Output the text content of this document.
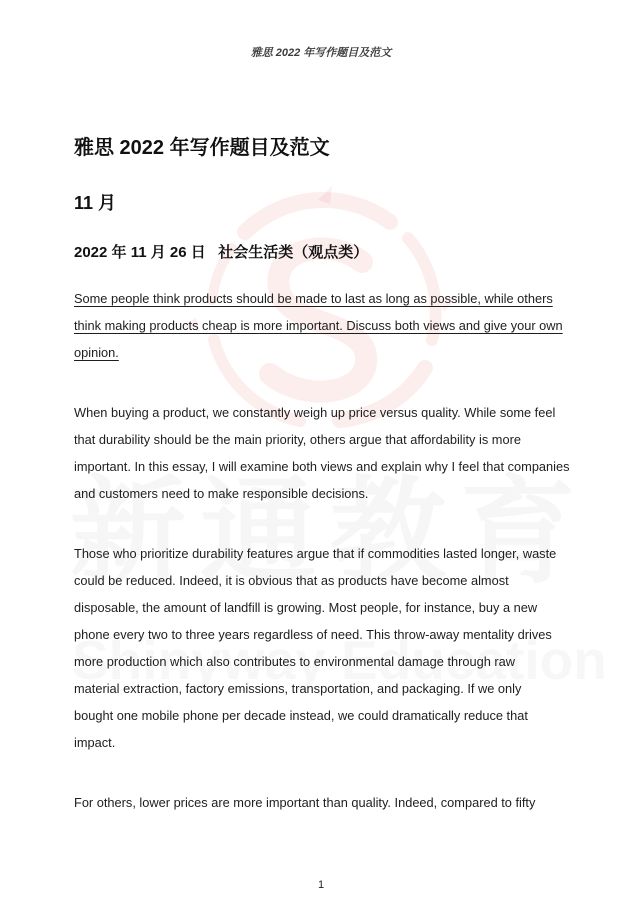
雅思 2022 年写作题目及范文
雅思 2022 年写作题目及范文
11 月
2022 年 11 月 26 日   社会生活类（观点类）
Some people think products should be made to last as long as possible, while others
think making products cheap is more important. Discuss both views and give your own
opinion.
When buying a product, we constantly weigh up price versus quality. While some feel
that durability should be the main priority, others argue that affordability is more
important. In this essay, I will examine both views and explain why I feel that companies
and customers need to make responsible decisions.
Those who prioritize durability features argue that if commodities lasted longer, waste
could be reduced. Indeed, it is obvious that as products have become almost
disposable, the amount of landfill is growing. Most people, for instance, buy a new
phone every two to three years regardless of need. This throw-away mentality drives
more production which also contributes to environmental damage through raw
material extraction, factory emissions, transportation, and packaging. If we only
bought one mobile phone per decade instead, we could dramatically reduce that
impact.
For others, lower prices are more important than quality. Indeed, compared to fifty
1
